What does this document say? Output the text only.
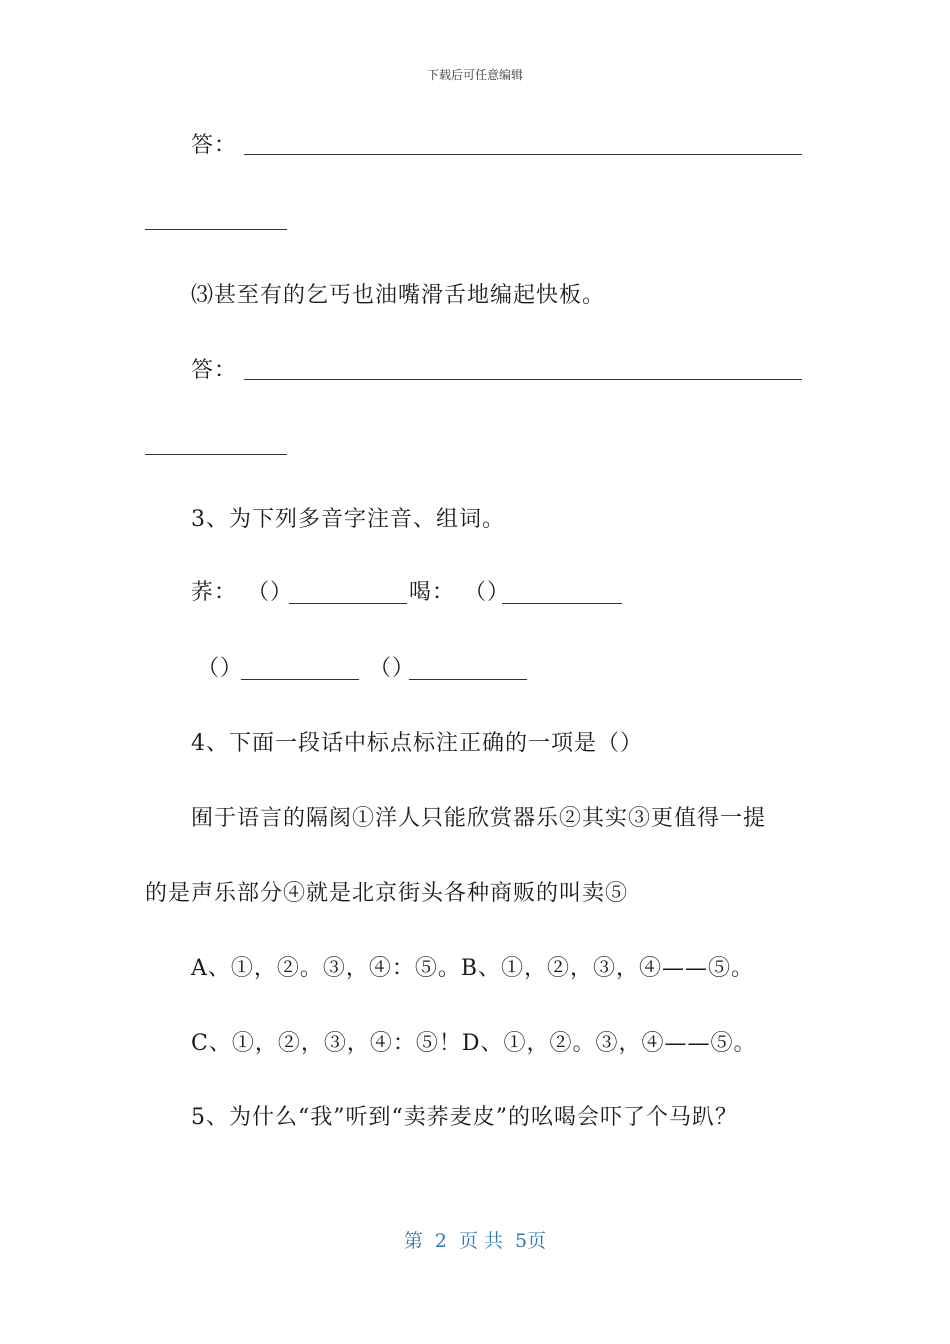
下载后可任意编辑
答：
⑶甚至有的乞丐也油嘴滑舌地编起快板。
答：
3、为下列多音字注音、组词。
荞： （）	喝： （）
（）	（）
4、下面一段话中标点标注正确的一项是（）
囿于语言的隔阂①洋人只能欣赏器乐②其实③更值得一提
的是声乐部分④就是北京街头各种商贩的叫卖⑤
A、①，②。③，④：⑤。B、①，②，③，④——⑤。
C、①，②，③，④：⑤！D、①，②。③，④——⑤。
5、为什么“我”听到“卖荞麦皮”的吆喝会吓了个马趴？
第 2 页 共 5页
